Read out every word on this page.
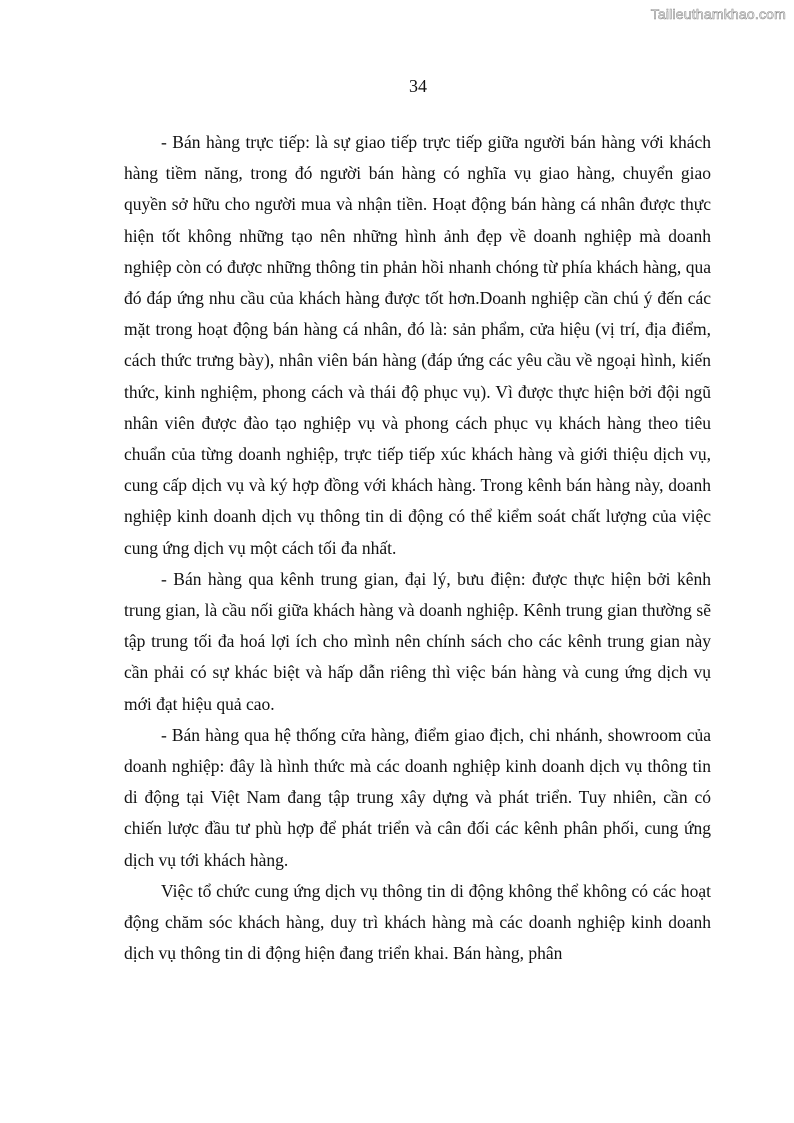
Tailieuthamkhao.com
34

- Bán hàng trực tiếp: là sự giao tiếp trực tiếp giữa người bán hàng với khách hàng tiềm năng, trong đó người bán hàng có nghĩa vụ giao hàng, chuyển giao quyền sở hữu cho người mua và nhận tiền. Hoạt động bán hàng cá nhân được thực hiện tốt không những tạo nên những hình ảnh đẹp về doanh nghiệp mà doanh nghiệp còn có được những thông tin phản hồi nhanh chóng từ phía khách hàng, qua đó đáp ứng nhu cầu của khách hàng được tốt hơn.Doanh nghiệp cần chú ý đến các mặt trong hoạt động bán hàng cá nhân, đó là: sản phẩm, cửa hiệu (vị trí, địa điểm, cách thức trưng bày), nhân viên bán hàng (đáp ứng các yêu cầu về ngoại hình, kiến thức, kinh nghiệm, phong cách và thái độ phục vụ). Vì được thực hiện bởi đội ngũ nhân viên được đào tạo nghiệp vụ và phong cách phục vụ khách hàng theo tiêu chuẩn của từng doanh nghiệp, trực tiếp tiếp xúc khách hàng và giới thiệu dịch vụ, cung cấp dịch vụ và ký hợp đồng với khách hàng. Trong kênh bán hàng này, doanh nghiệp kinh doanh dịch vụ thông tin di động có thể kiểm soát chất lượng của việc cung ứng dịch vụ một cách tối đa nhất.

- Bán hàng qua kênh trung gian, đại lý, bưu điện: được thực hiện bởi kênh trung gian, là cầu nối giữa khách hàng và doanh nghiệp. Kênh trung gian thường sẽ tập trung tối đa hoá lợi ích cho mình nên chính sách cho các kênh trung gian này cần phải có sự khác biệt và hấp dẫn riêng thì việc bán hàng và cung ứng dịch vụ mới đạt hiệu quả cao.

- Bán hàng qua hệ thống cửa hàng, điểm giao địch, chi nhánh, showroom của doanh nghiệp: đây là hình thức mà các doanh nghiệp kinh doanh dịch vụ thông tin di động tại Việt Nam đang tập trung xây dựng và phát triển. Tuy nhiên, cần có chiến lược đầu tư phù hợp để phát triển và cân đối các kênh phân phối, cung ứng dịch vụ tới khách hàng.

Việc tổ chức cung ứng dịch vụ thông tin di động không thể không có các hoạt động chăm sóc khách hàng, duy trì khách hàng mà các doanh nghiệp kinh doanh dịch vụ thông tin di động hiện đang triển khai. Bán hàng, phân
